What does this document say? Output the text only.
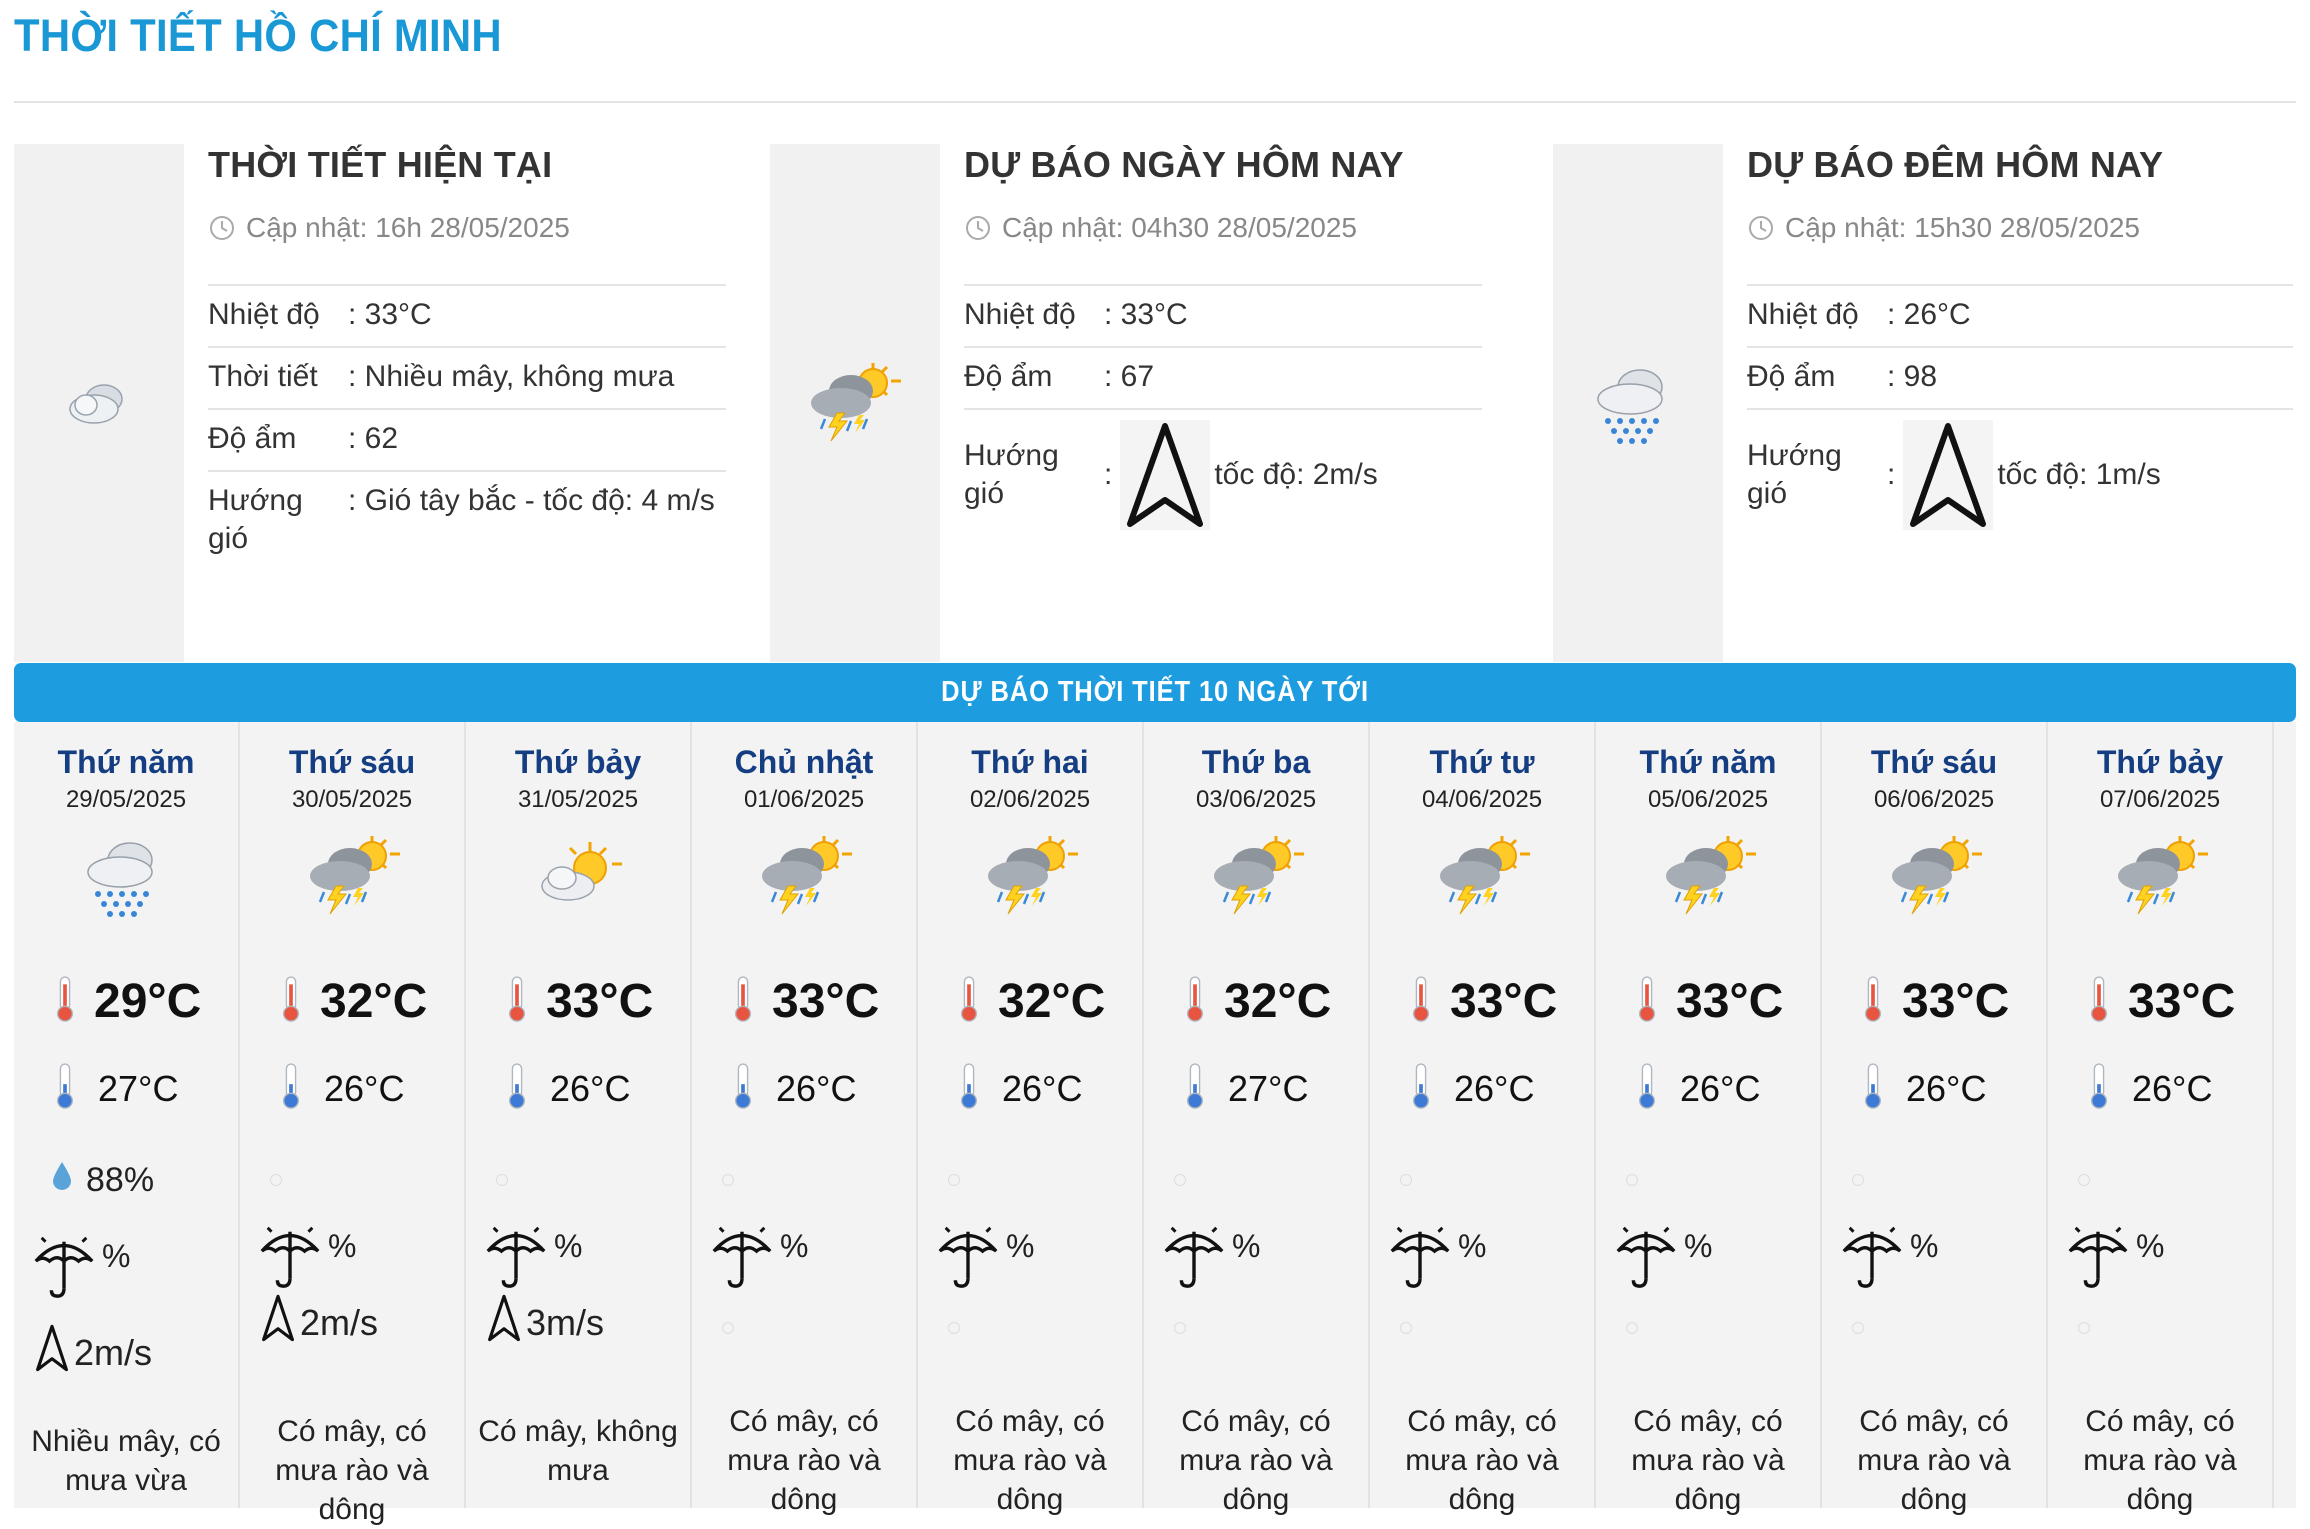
THỜI TIẾT HỒ CHÍ MINH
THỜI TIẾT HIỆN TẠI
Cập nhật: 16h 28/05/2025
Nhiệt độ : 33°C
Thời tiết	: Nhiều mây, không mưa
Độ ẩm	: 62
Hướng gió
: Gió tây bắc - tốc độ: 4 m/s
DỰ BÁO NGÀY HÔM NAY
Cập nhật: 04h30 28/05/2025
Nhiệt độ : 33°C
Độ ẩm	: 67
Hướng gió
:	tốc độ: 2m/s
DỰ BÁO ĐÊM HÔM NAY
Cập nhật: 15h30 28/05/2025
Nhiệt độ : 26°C
Độ ẩm	: 98
Hướng gió
:	tốc độ: 1m/s
DỰ BÁO THỜI TIẾT 10 NGÀY TỚI
Thứ năm
29/05/2025
29°C
27°C
88%
%
2m/s
Nhiều mây, có mưa vừa
Thứ sáu
30/05/2025
32°C
26°C
%
2m/s
Có mây, có mưa rào và dông
Thứ bảy
31/05/2025
33°C
26°C
%
3m/s
Có mây, không mưa
Chủ nhật
01/06/2025
33°C
26°C
%
Có mây, có mưa rào và dông
Thứ hai
02/06/2025
32°C
26°C
%
Có mây, có mưa rào và dông
Thứ ba
03/06/2025
32°C
27°C
%
Có mây, có mưa rào và dông
Thứ tư
04/06/2025
33°C
26°C
%
Có mây, có mưa rào và dông
Thứ năm
05/06/2025
33°C
26°C
%
Có mây, có mưa rào và dông
Thứ sáu
06/06/2025
33°C
26°C
%
Có mây, có mưa rào và dông
Thứ bảy
07/06/2025
33°C
26°C
%
Có mây, có mưa rào và dông
